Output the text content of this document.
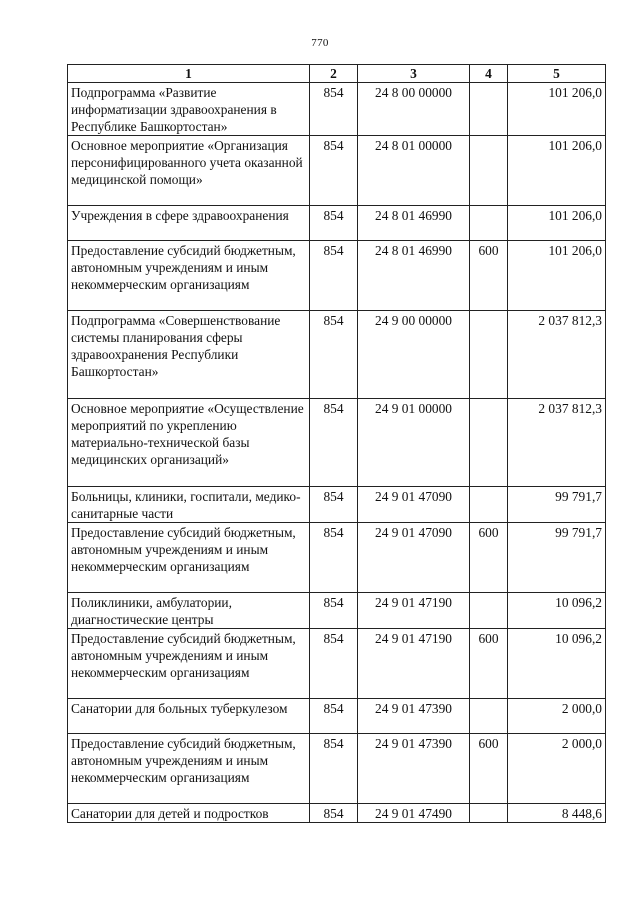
770
1	2	3	4	5
Подпрограмма «Развитие информатизации здравоохранения в Республике Башкортостан»	854	24 8 00 00000		101 206,0
Основное мероприятие «Организация персонифицированного учета оказанной медицинской помощи»	854	24 8 01 00000		101 206,0
Учреждения в сфере здравоохранения	854	24 8 01 46990		101 206,0
Предоставление субсидий бюджетным, автономным учреждениям и иным некоммерческим организациям	854	24 8 01 46990	600	101 206,0
Подпрограмма «Совершенствование системы планирования сферы здравоохранения Республики Башкортостан»	854	24 9 00 00000		2 037 812,3
Основное мероприятие «Осуществление мероприятий по укреплению материально-технической базы медицинских организаций»	854	24 9 01 00000		2 037 812,3
Больницы, клиники, госпитали, медико-санитарные части	854	24 9 01 47090		99 791,7
Предоставление субсидий бюджетным, автономным учреждениям и иным некоммерческим организациям	854	24 9 01 47090	600	99 791,7
Поликлиники, амбулатории, диагностические центры	854	24 9 01 47190		10 096,2
Предоставление субсидий бюджетным, автономным учреждениям и иным некоммерческим организациям	854	24 9 01 47190	600	10 096,2
Санатории для больных туберкулезом	854	24 9 01 47390		2 000,0
Предоставление субсидий бюджетным, автономным учреждениям и иным некоммерческим организациям	854	24 9 01 47390	600	2 000,0
Санатории для детей и подростков	854	24 9 01 47490		8 448,6
